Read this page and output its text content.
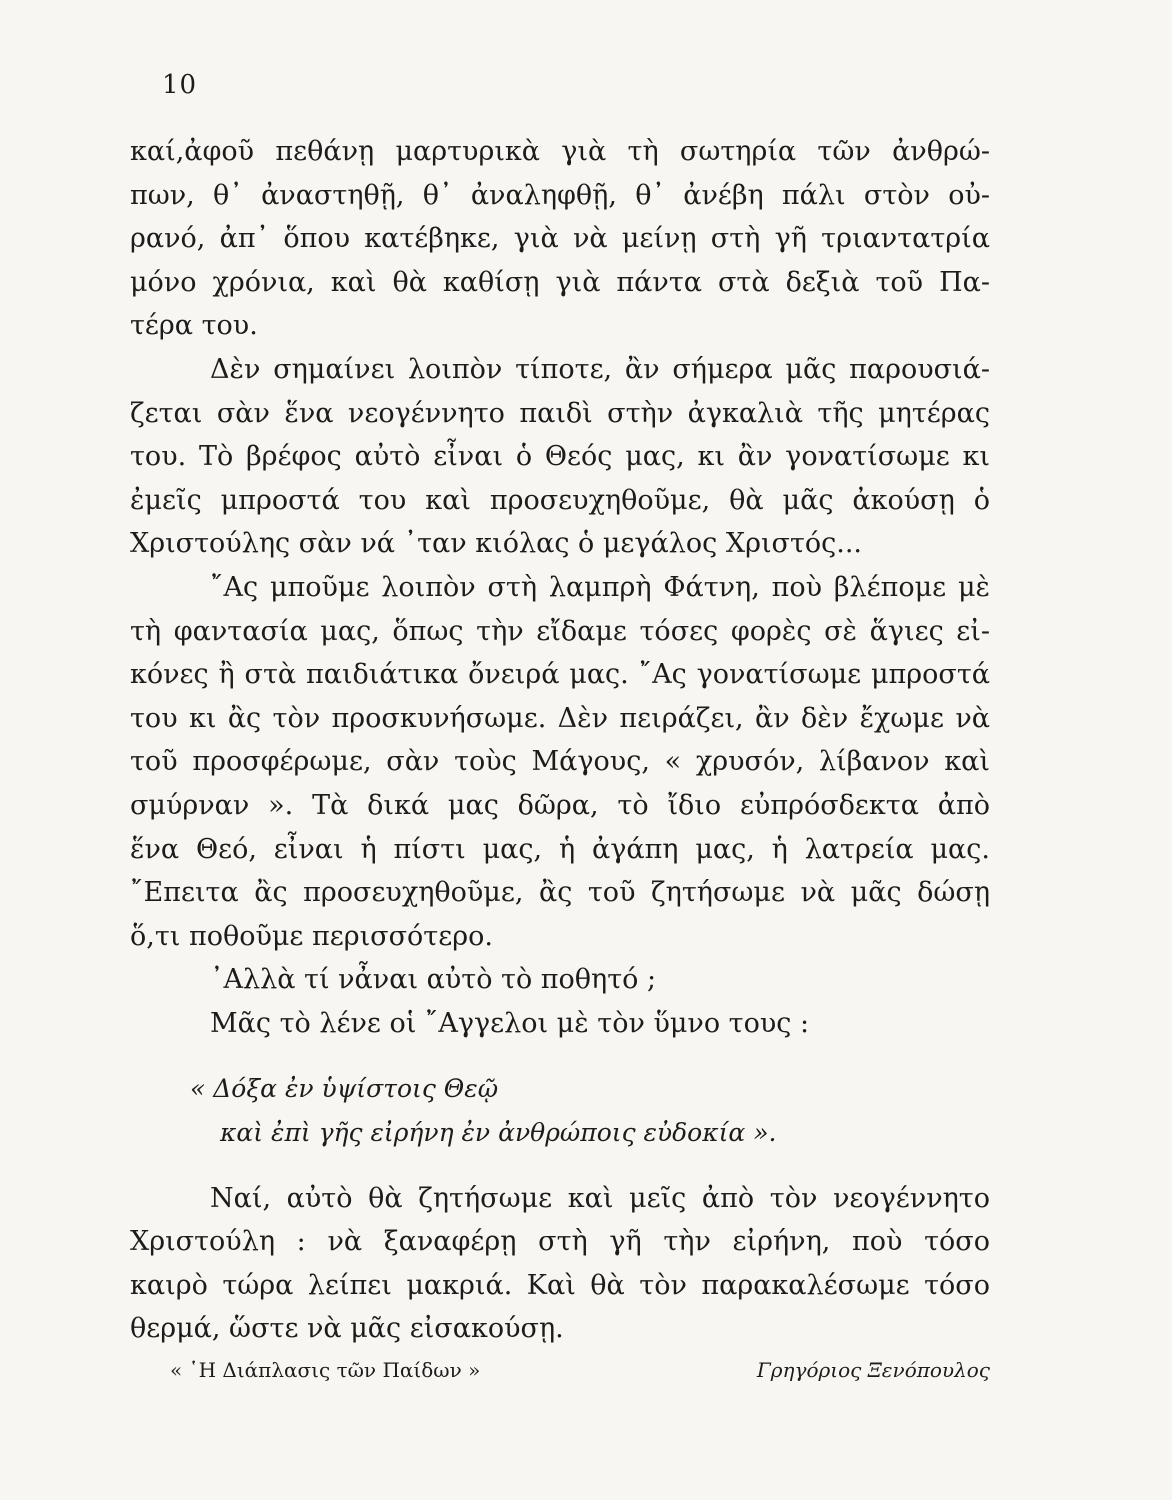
10
καί,ἀφοῦ πεθάνῃ μαρτυρικὰ γιὰ τὴ σωτηρία τῶν ἀνθρώ-
πων, θ᾽ ἀναστηθῇ, θ᾽ ἀναληφθῇ, θ᾽ ἀνέβη πάλι στὸν οὐ-
ρανό, ἀπ᾽ ὅπου κατέβηκε, γιὰ νὰ μείνῃ στὴ γῆ τριαντατρία
μόνο χρόνια, καὶ θὰ καθίσῃ γιὰ πάντα στὰ δεξιὰ τοῦ Πα-
τέρα του.
Δὲν σημαίνει λοιπὸν τίποτε, ἂν σήμερα μᾶς παρουσιά-
ζεται σὰν ἕνα νεογέννητο παιδὶ στὴν ἀγκαλιὰ τῆς μητέρας
του. Τὸ βρέφος αὐτὸ εἶναι ὁ Θεός μας, κι ἂν γονατίσωμε κι
ἐμεῖς μπροστά του καὶ προσευχηθοῦμε, θὰ μᾶς ἀκούσῃ ὁ
Χριστούλης σὰν νά ᾿ταν κιόλας ὁ μεγάλος Χριστός...
῎Ας μποῦμε λοιπὸν στὴ λαμπρὴ Φάτνη, ποὺ βλέπομε μὲ
τὴ φαντασία μας, ὅπως τὴν εἴδαμε τόσες φορὲς σὲ ἅγιες εἰ-
κόνες ἢ στὰ παιδιάτικα ὄνειρά μας. ῎Ας γονατίσωμε μπροστά
του κι ἂς τὸν προσκυνήσωμε. Δὲν πειράζει, ἂν δὲν ἔχωμε νὰ
τοῦ προσφέρωμε, σὰν τοὺς Μάγους, « χρυσόν, λίβανον καὶ
σμύρναν ». Τὰ δικά μας δῶρα, τὸ ἴδιο εὐπρόσδεκτα ἀπὸ
ἕνα Θεό, εἶναι ἡ πίστι μας, ἡ ἀγάπη μας, ἡ λατρεία μας.
῎Επειτα ἂς προσευχηθοῦμε, ἂς τοῦ ζητήσωμε νὰ μᾶς δώσῃ
ὅ,τι ποθοῦμε περισσότερο.
᾿Αλλὰ τί νἆναι αὐτὸ τὸ ποθητό ;
Μᾶς τὸ λένε οἱ ῎Αγγελοι μὲ τὸν ὕμνο τους :
« Δόξα ἐν ὑψίστοις Θεῷ
καὶ ἐπὶ γῆς εἰρήνη ἐν ἀνθρώποις εὐδοκία ».
Ναί, αὐτὸ θὰ ζητήσωμε καὶ μεῖς ἀπὸ τὸν νεογέννητο
Χριστούλη : νὰ ξαναφέρῃ στὴ γῆ τὴν εἰρήνη, ποὺ τόσο
καιρὸ τώρα λείπει μακριά. Καὶ θὰ τὸν παρακαλέσωμε τόσο
θερμά, ὥστε νὰ μᾶς εἰσακούσῃ.
« ῾Η Διάπλασις τῶν Παίδων »	Γρηγόριος Ξενόπουλος
